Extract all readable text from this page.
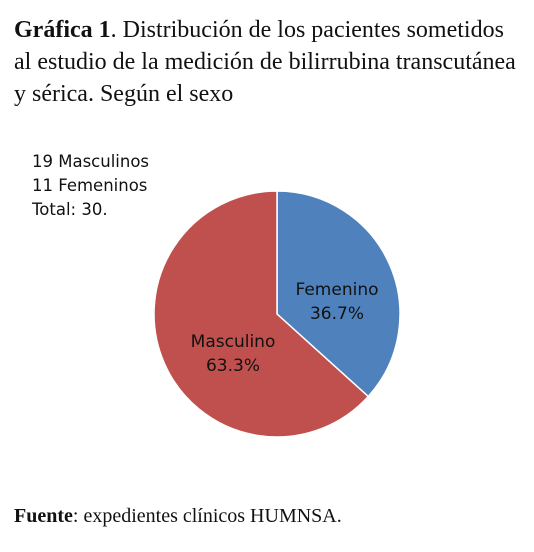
Gráfica 1. Distribución de los pacientes sometidos al estudio de la medición de bilirrubina transcutánea y sérica. Según el sexo
19 Masculinos
11 Femeninos
Total: 30.
Femenino
36.7%
Masculino
63.3%
Fuente: expedientes clínicos HUMNSA.
